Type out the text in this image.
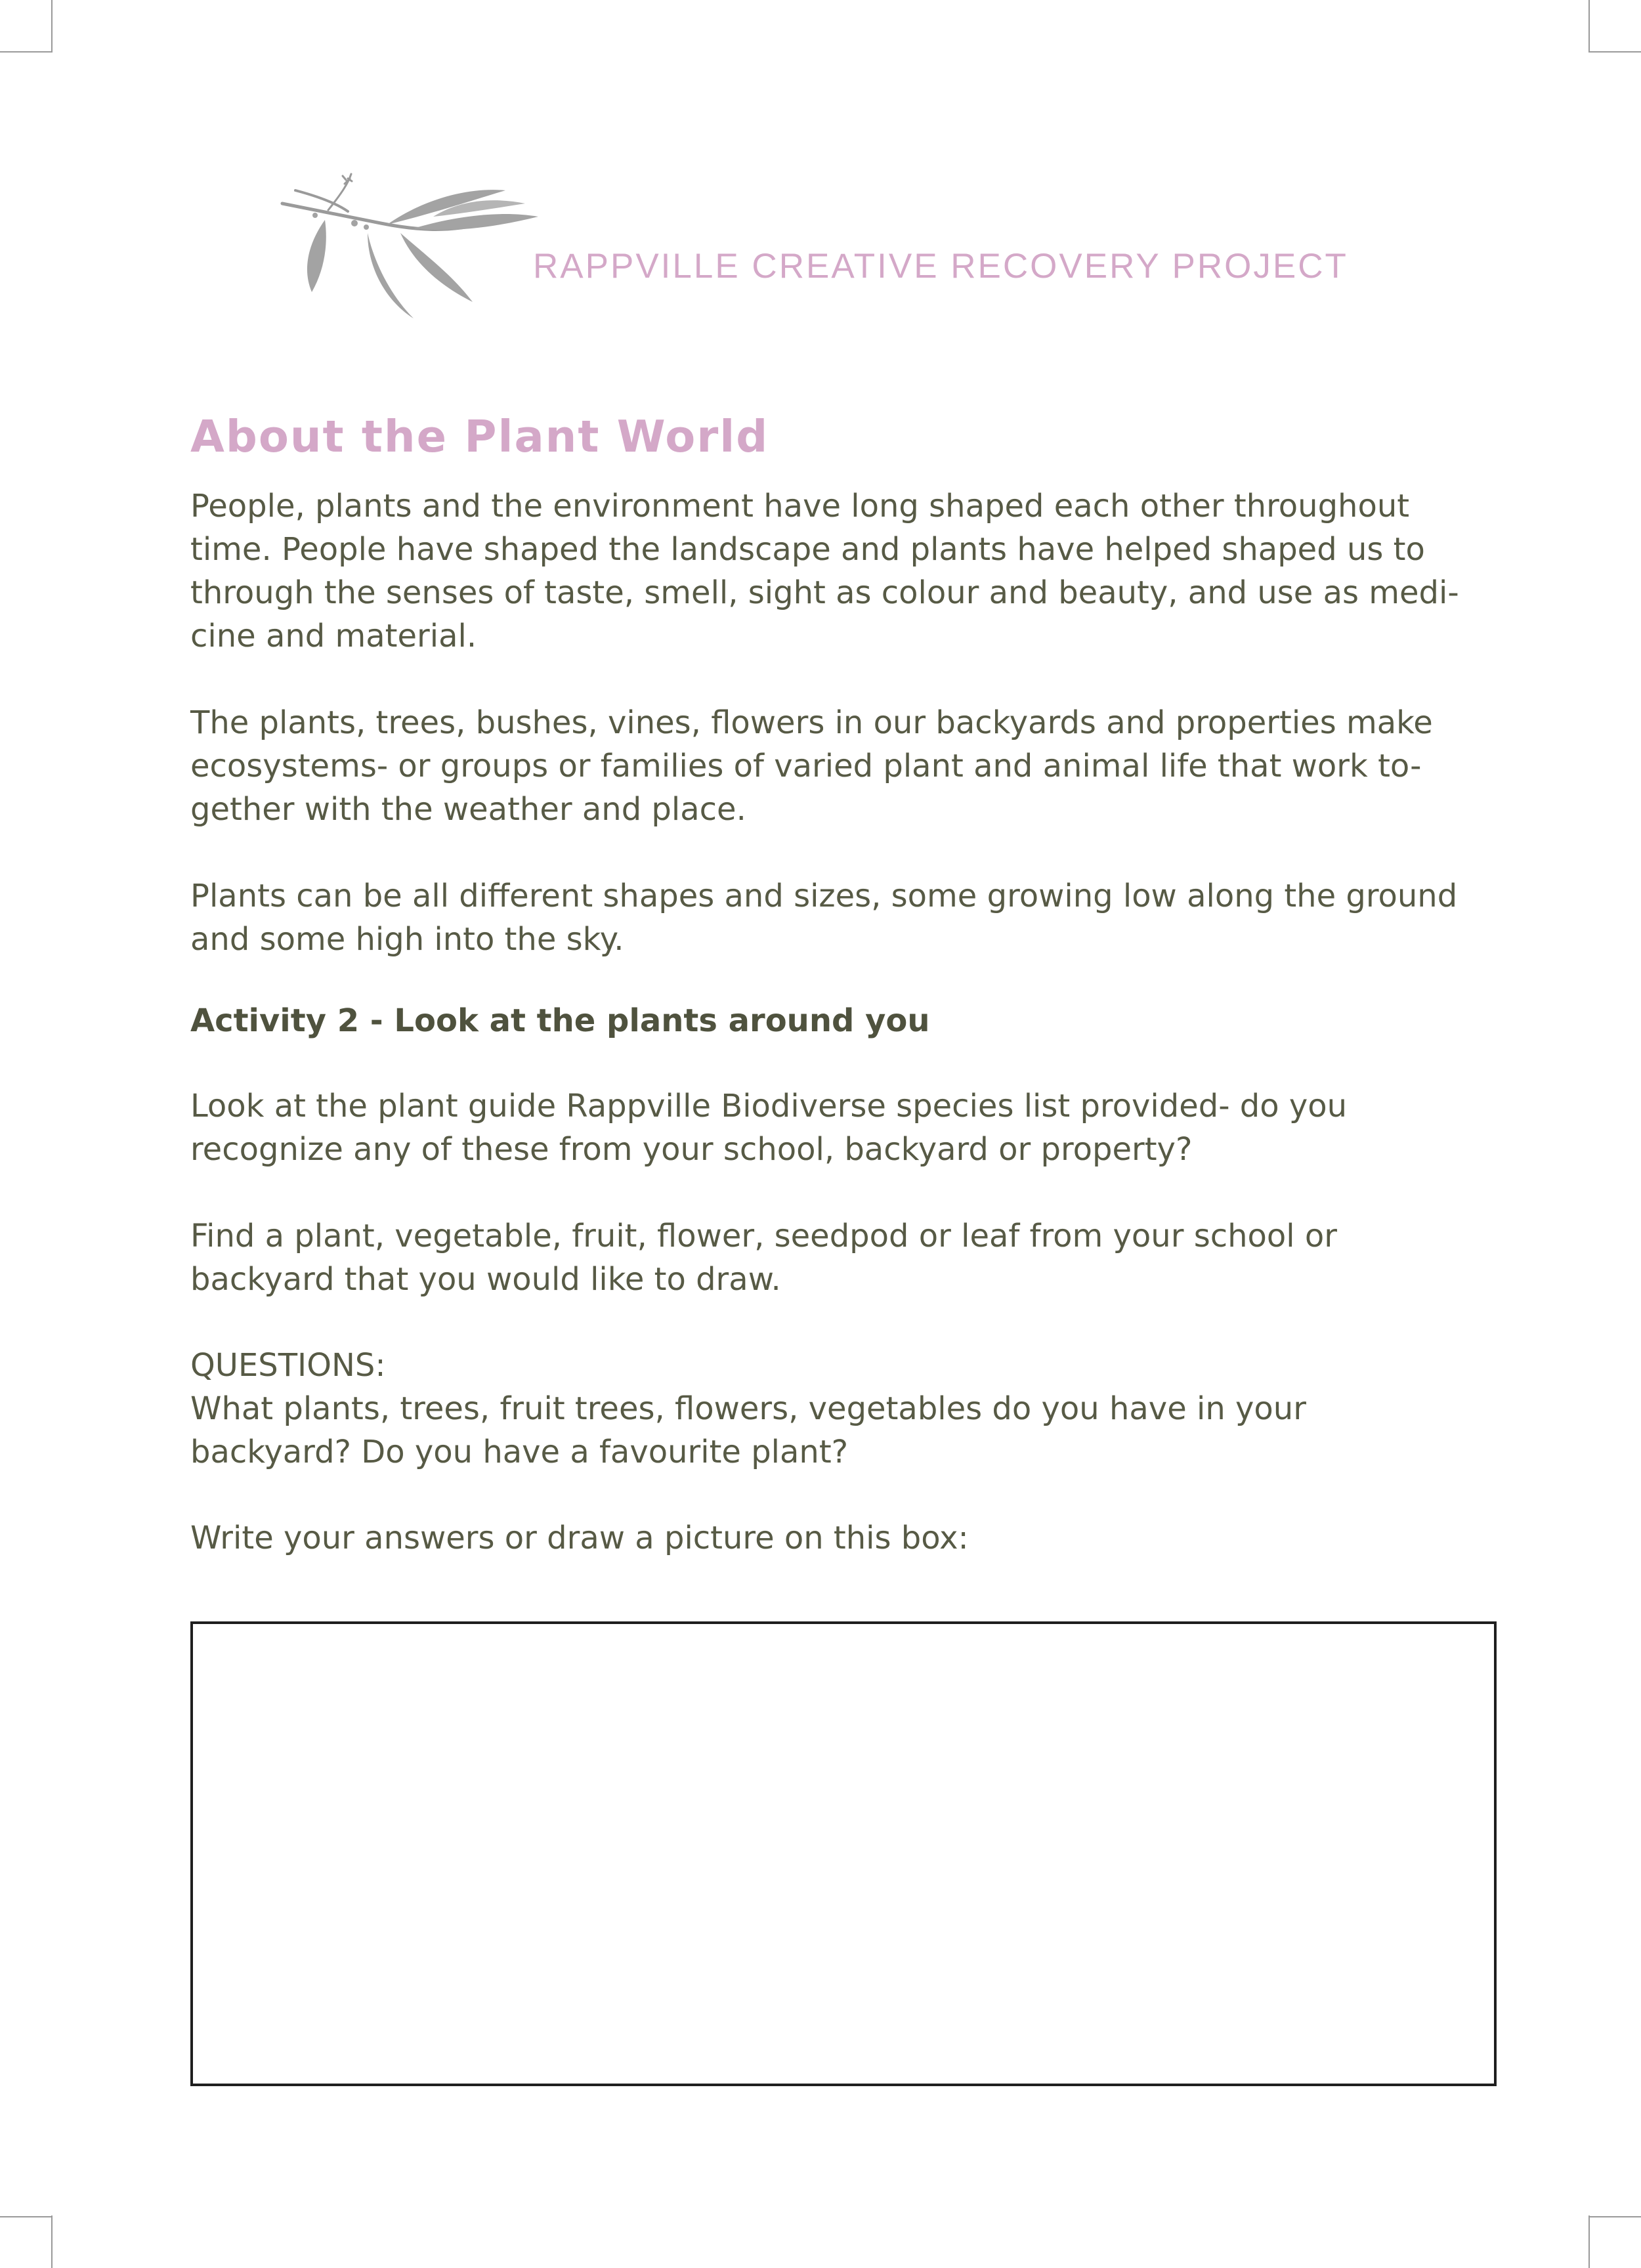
RAPPVILLE CREATIVE RECOVERY PROJECT
About the Plant World

People, plants and the environment have long shaped each other throughout time. People have shaped the landscape and plants have helped shaped us to through the senses of taste, smell, sight as colour and beauty, and use as medi-cine and material.

The plants, trees, bushes, vines, flowers in our backyards and properties make ecosystems- or groups or families of varied plant and animal life that work to-gether with the weather and place.

Plants can be all different shapes and sizes, some growing low along the ground and some high into the sky.

Activity 2 - Look at the plants around you

Look at the plant guide Rappville Biodiverse species list provided- do you recognize any of these from your school, backyard or property?

Find a plant, vegetable, fruit, flower, seedpod or leaf from your school or backyard that you would like to draw.

QUESTIONS:

What plants, trees, fruit trees, flowers, vegetables do you have in your backyard? Do you have a favourite plant?

Write your answers or draw a picture on this box:
